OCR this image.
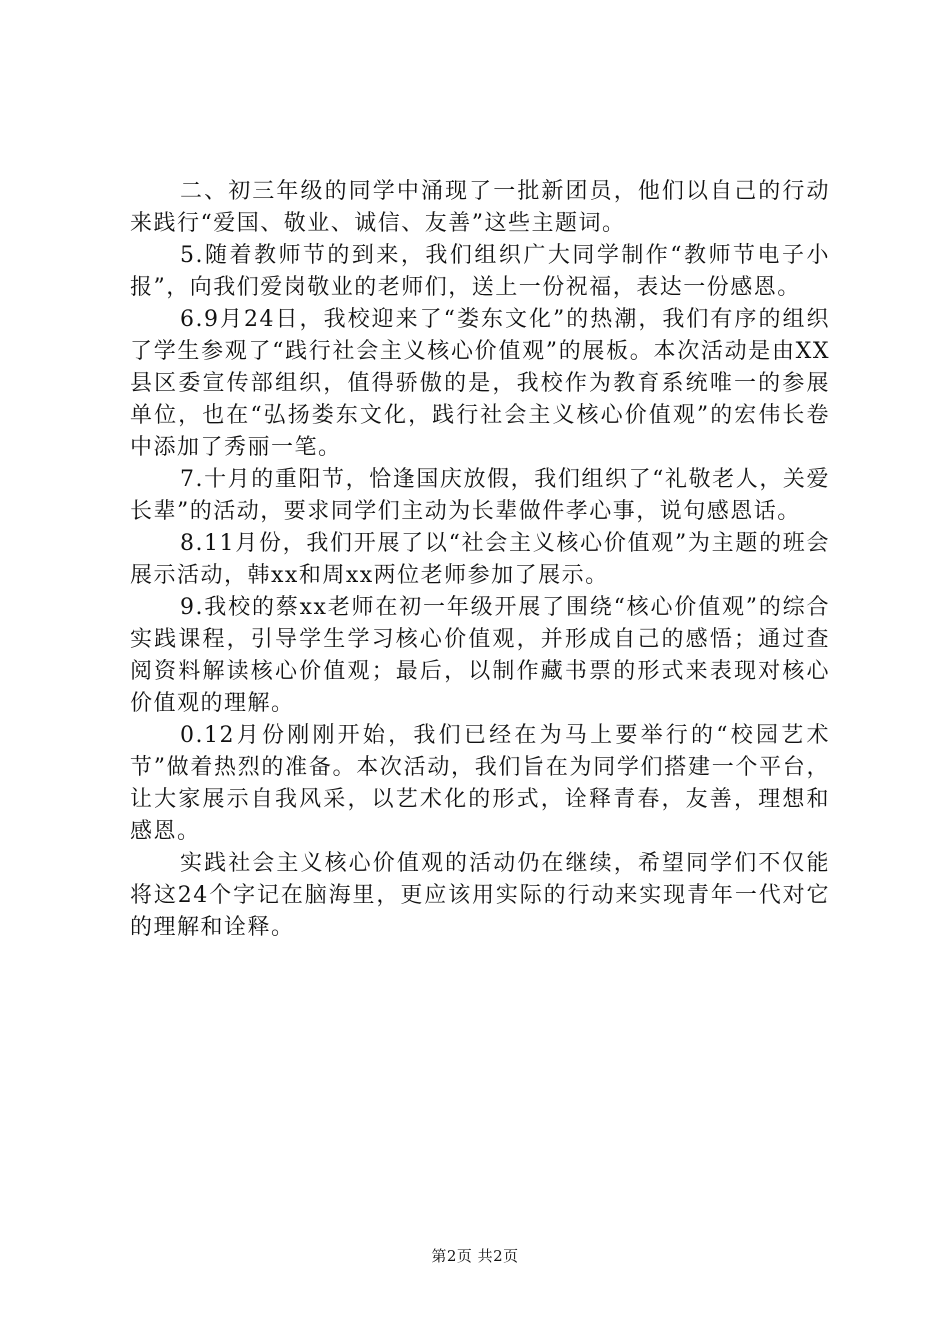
二、初三年级的同学中涌现了一批新团员，他们以自己的行动来践行“爱国、敬业、诚信、友善”这些主题词。

5.随着教师节的到来，我们组织广大同学制作“教师节电子小报”，向我们爱岗敬业的老师们，送上一份祝福，表达一份感恩。

6.9月24日，我校迎来了“娄东文化”的热潮，我们有序的组织了学生参观了“践行社会主义核心价值观”的展板。本次活动是由XX县区委宣传部组织，值得骄傲的是，我校作为教育系统唯一的参展单位，也在“弘扬娄东文化，践行社会主义核心价值观”的宏伟长卷中添加了秀丽一笔。

7.十月的重阳节，恰逢国庆放假，我们组织了“礼敬老人，关爱长辈”的活动，要求同学们主动为长辈做件孝心事，说句感恩话。

8.11月份，我们开展了以“社会主义核心价值观”为主题的班会展示活动，韩xx和周xx两位老师参加了展示。

9.我校的蔡xx老师在初一年级开展了围绕“核心价值观”的综合实践课程，引导学生学习核心价值观，并形成自己的感悟；通过查阅资料解读核心价值观；最后，以制作藏书票的形式来表现对核心价值观的理解。

0.12月份刚刚开始，我们已经在为马上要举行的“校园艺术节”做着热烈的准备。本次活动，我们旨在为同学们搭建一个平台，让大家展示自我风采，以艺术化的形式，诠释青春，友善，理想和感恩。

实践社会主义核心价值观的活动仍在继续，希望同学们不仅能将这24个字记在脑海里，更应该用实际的行动来实现青年一代对它的理解和诠释。

第2页 共2页
